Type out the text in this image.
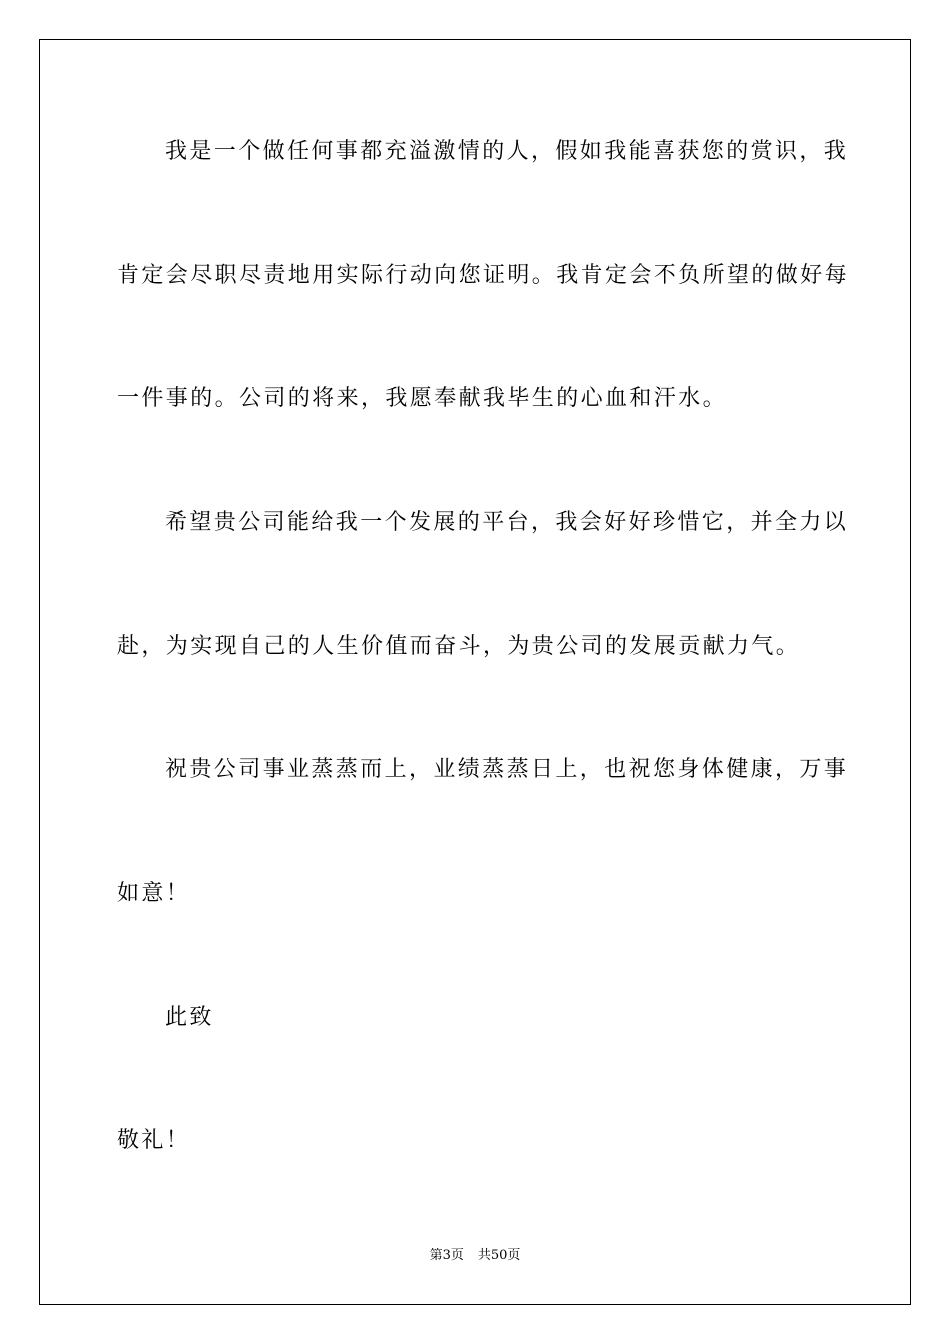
我是一个做任何事都充溢激情的人，假如我能喜获您的赏识，我
肯定会尽职尽责地用实际行动向您证明。我肯定会不负所望的做好每
一件事的。公司的将来，我愿奉献我毕生的心血和汗水。
希望贵公司能给我一个发展的平台，我会好好珍惜它，并全力以
赴，为实现自己的人生价值而奋斗，为贵公司的发展贡献力气。
祝贵公司事业蒸蒸而上，业绩蒸蒸日上，也祝您身体健康，万事
如意！
此致
敬礼！
第3页 共50页
